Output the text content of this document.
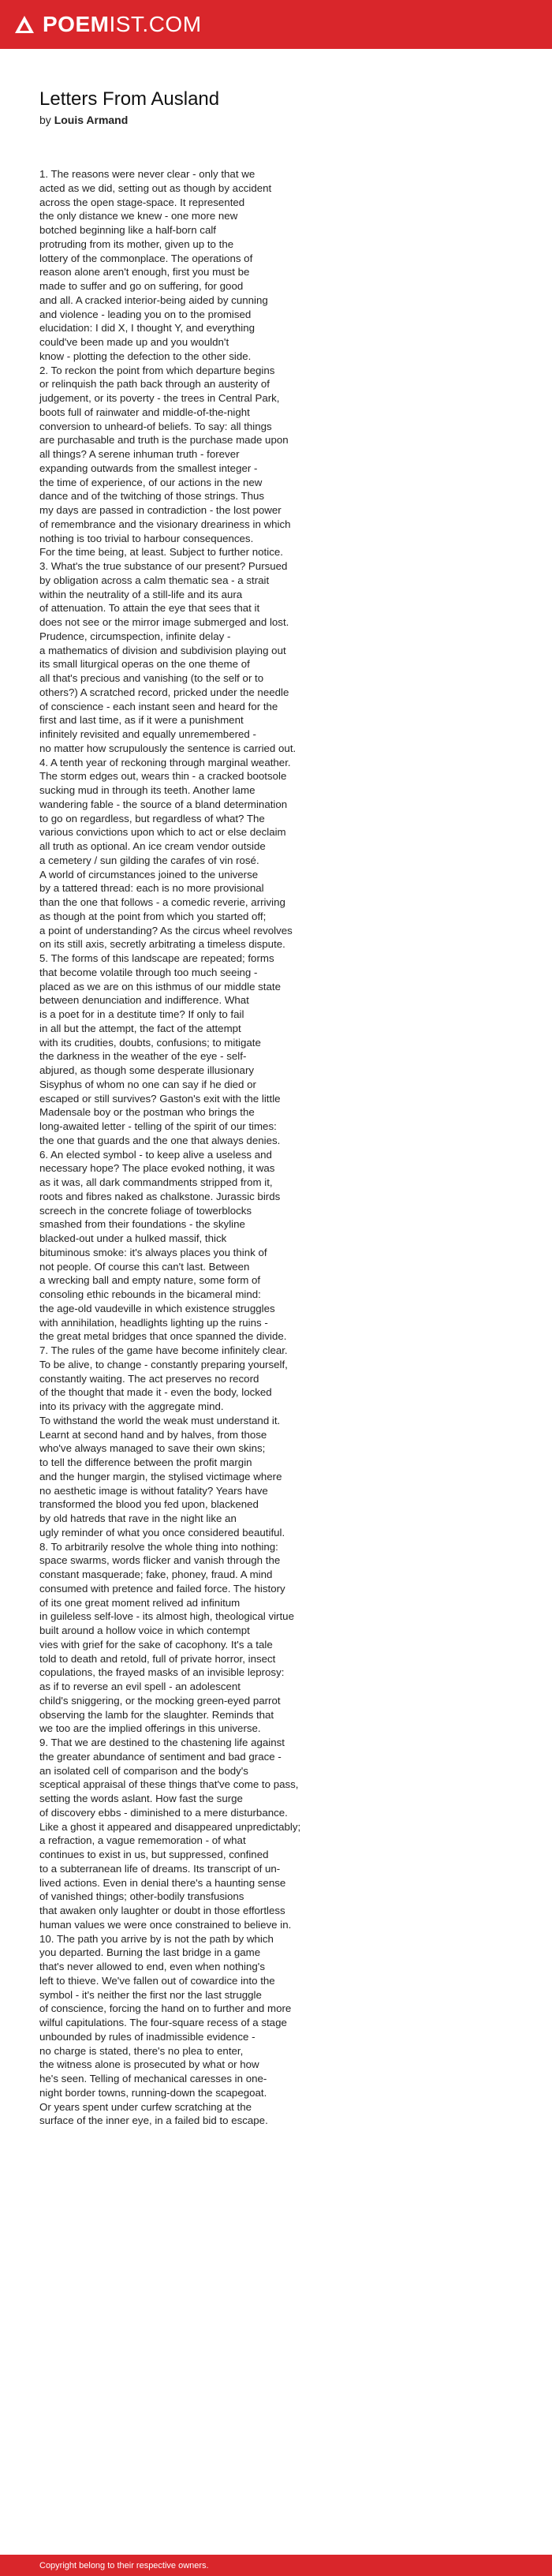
POEMIST.COM
Letters From Ausland
by Louis Armand
1. The reasons were never clear - only that we
acted as we did, setting out as though by accident
across the open stage-space. It represented
the only distance we knew - one more new
botched beginning like a half-born calf
protruding from its mother, given up to the
lottery of the commonplace. The operations of
reason alone aren't enough, first you must be
made to suffer and go on suffering, for good
and all. A cracked interior-being aided by cunning
and violence - leading you on to the promised
elucidation: I did X, I thought Y, and everything
could've been made up and you wouldn't
know - plotting the defection to the other side.
2. To reckon the point from which departure begins
or relinquish the path back through an austerity of
judgement, or its poverty - the trees in Central Park,
boots full of rainwater and middle-of-the-night
conversion to unheard-of beliefs. To say: all things
are purchasable and truth is the purchase made upon
all things? A serene inhuman truth - forever
expanding outwards from the smallest integer -
the time of experience, of our actions in the new
dance and of the twitching of those strings. Thus
my days are passed in contradiction - the lost power
of remembrance and the visionary dreariness in which
nothing is too trivial to harbour consequences.
For the time being, at least. Subject to further notice.
3. What's the true substance of our present? Pursued
by obligation across a calm thematic sea - a strait
within the neutrality of a still-life and its aura
of attenuation. To attain the eye that sees that it
does not see or the mirror image submerged and lost.
Prudence, circumspection, infinite delay -
a mathematics of division and subdivision playing out
its small liturgical operas on the one theme of
all that's precious and vanishing (to the self or to
others?) A scratched record, pricked under the needle
of conscience - each instant seen and heard for the
first and last time, as if it were a punishment
infinitely revisited and equally unremembered -
no matter how scrupulously the sentence is carried out.
4. A tenth year of reckoning through marginal weather.
The storm edges out, wears thin - a cracked bootsole
sucking mud in through its teeth. Another lame
wandering fable - the source of a bland determination
to go on regardless, but regardless of what? The
various convictions upon which to act or else declaim
all truth as optional. An ice cream vendor outside
a cemetery / sun gilding the carafes of vin rosé.
A world of circumstances joined to the universe
by a tattered thread: each is no more provisional
than the one that follows - a comedic reverie, arriving
as though at the point from which you started off;
a point of understanding? As the circus wheel revolves
on its still axis, secretly arbitrating a timeless dispute.
5. The forms of this landscape are repeated; forms
that become volatile through too much seeing -
placed as we are on this isthmus of our middle state
between denunciation and indifference. What
is a poet for in a destitute time? If only to fail
in all but the attempt, the fact of the attempt
with its crudities, doubts, confusions; to mitigate
the darkness in the weather of the eye - self-
abjured, as though some desperate illusionary
Sisyphus of whom no one can say if he died or
escaped or still survives? Gaston's exit with the little
Madensale boy or the postman who brings the
long-awaited letter - telling of the spirit of our times:
the one that guards and the one that always denies.
6. An elected symbol - to keep alive a useless and
necessary hope? The place evoked nothing, it was
as it was, all dark commandments stripped from it,
roots and fibres naked as chalkstone. Jurassic birds
screech in the concrete foliage of towerblocks
smashed from their foundations - the skyline
blacked-out under a hulked massif, thick
bituminous smoke: it's always places you think of
not people. Of course this can't last. Between
a wrecking ball and empty nature, some form of
consoling ethic rebounds in the bicameral mind:
the age-old vaudeville in which existence struggles
with annihilation, headlights lighting up the ruins -
the great metal bridges that once spanned the divide.
7. The rules of the game have become infinitely clear.
To be alive, to change - constantly preparing yourself,
constantly waiting. The act preserves no record
of the thought that made it - even the body, locked
into its privacy with the aggregate mind.
To withstand the world the weak must understand it.
Learnt at second hand and by halves, from those
who've always managed to save their own skins;
to tell the difference between the profit margin
and the hunger margin, the stylised victimage where
no aesthetic image is without fatality? Years have
transformed the blood you fed upon, blackened
by old hatreds that rave in the night like an
ugly reminder of what you once considered beautiful.
8. To arbitrarily resolve the whole thing into nothing:
space swarms, words flicker and vanish through the
constant masquerade; fake, phoney, fraud. A mind
consumed with pretence and failed force. The history
of its one great moment relived ad infinitum
in guileless self-love - its almost high, theological virtue
built around a hollow voice in which contempt
vies with grief for the sake of cacophony. It's a tale
told to death and retold, full of private horror, insect
copulations, the frayed masks of an invisible leprosy:
as if to reverse an evil spell - an adolescent
child's sniggering, or the mocking green-eyed parrot
observing the lamb for the slaughter. Reminds that
we too are the implied offerings in this universe.
9. That we are destined to the chastening life against
the greater abundance of sentiment and bad grace -
an isolated cell of comparison and the body's
sceptical appraisal of these things that've come to pass,
setting the words aslant. How fast the surge
of discovery ebbs - diminished to a mere disturbance.
Like a ghost it appeared and disappeared unpredictably;
a refraction, a vague rememoration - of what
continues to exist in us, but suppressed, confined
to a subterranean life of dreams. Its transcript of un-
lived actions. Even in denial there's a haunting sense
of vanished things; other-bodily transfusions
that awaken only laughter or doubt in those effortless
human values we were once constrained to believe in.
10. The path you arrive by is not the path by which
you departed. Burning the last bridge in a game
that's never allowed to end, even when nothing's
left to thieve. We've fallen out of cowardice into the
symbol - it's neither the first nor the last struggle
of conscience, forcing the hand on to further and more
wilful capitulations. The four-square recess of a stage
unbounded by rules of inadmissible evidence -
no charge is stated, there's no plea to enter,
the witness alone is prosecuted by what or how
he's seen. Telling of mechanical caresses in one-
night border towns, running-down the scapegoat.
Or years spent under curfew scratching at the
surface of the inner eye, in a failed bid to escape.
Copyright belong to their respective owners.
